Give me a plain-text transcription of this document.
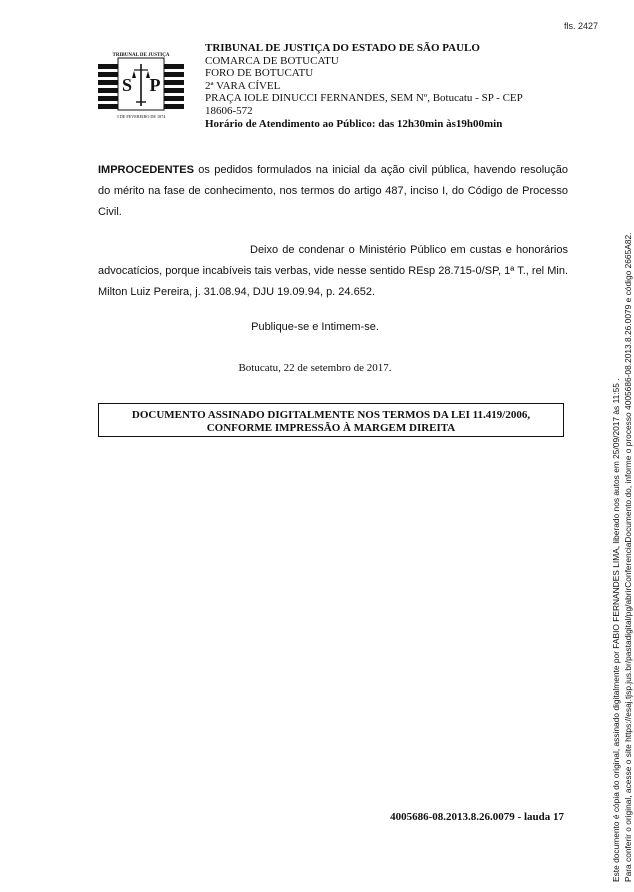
fls. 2427
TRIBUNAL DE JUSTIÇA
S P
3 DE FEVEREIRO DE 1874
TRIBUNAL DE JUSTIÇA DO ESTADO DE SÃO PAULO
COMARCA DE BOTUCATU
FORO DE BOTUCATU
2ª VARA CÍVEL
PRAÇA IOLE DINUCCI FERNANDES, SEM Nº, Botucatu - SP - CEP
18606-572
Horário de Atendimento ao Público: das 12h30min às19h00min
IMPROCEDENTES os pedidos formulados na inicial da ação civil pública, havendo resolução do mérito na fase de conhecimento, nos termos do artigo 487, inciso I, do Código de Processo Civil.
Deixo de condenar o Ministério Público em custas e honorários advocatícios, porque incabíveis tais verbas, vide nesse sentido REsp 28.715-0/SP, 1ª T., rel Min. Milton Luiz Pereira, j. 31.08.94, DJU 19.09.94, p. 24.652.
Publique-se e Intimem-se.
Botucatu, 22 de setembro de 2017.
DOCUMENTO ASSINADO DIGITALMENTE NOS TERMOS DA LEI 11.419/2006,
CONFORME IMPRESSÃO À MARGEM DIREITA
4005686-08.2013.8.26.0079 - lauda 17	Este documento é cópia do original, assinado digitalmente por FABIO FERNANDES LIMA, liberado nos autos em 25/09/2017 às 11:55 . Para conferir o original, acesse o site https://esaj.tjsp.jus.br/pastadigital/pg/abrirConferenciaDocumento.do, informe o processo 4005686-08.2013.8.26.0079 e código 2665A82.
